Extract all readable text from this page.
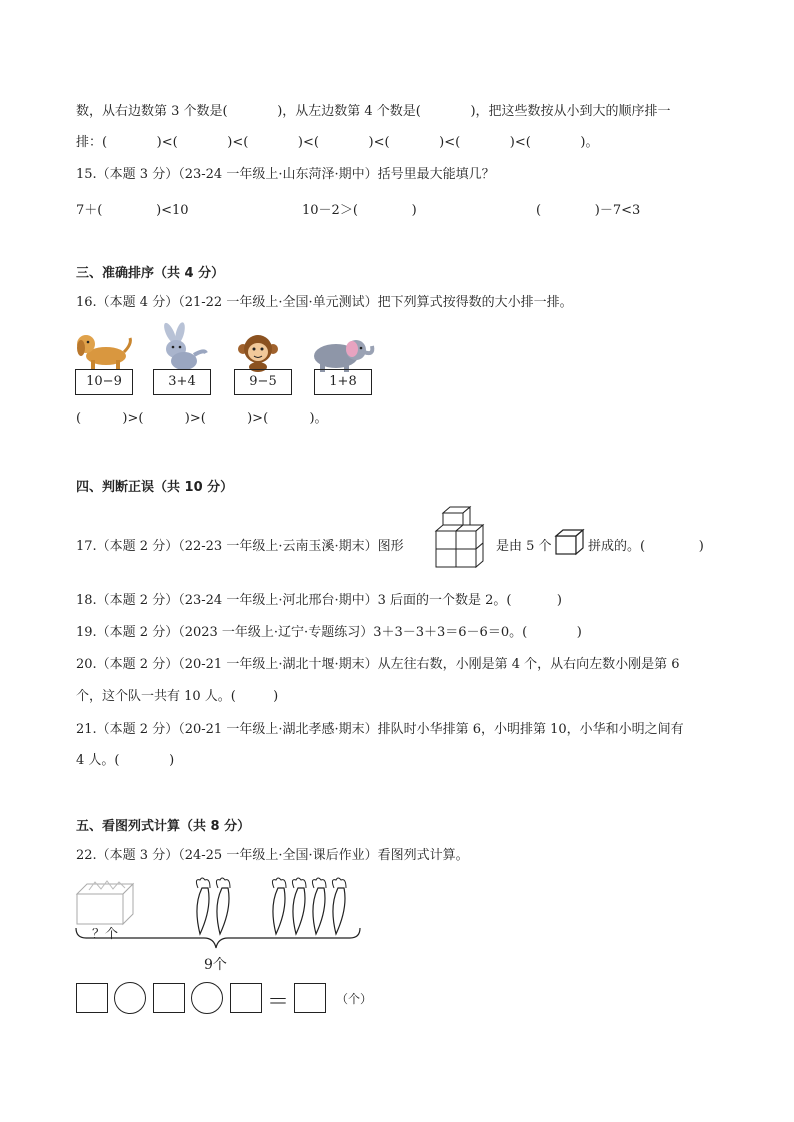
数，从右边数第 3 个数是(            )，从左边数第 4 个数是(            )，把这些数按从小到大的顺序排一
排：(            )<(            )<(            )<(            )<(            )<(            )<(            )。
15.（本题 3 分）（23-24 一年级上·山东菏泽·期中）括号里最大能填几？
7＋(             )<10	10－2＞(             )	(             )－7<3
三、准确排序（共 4 分）
16.（本题 4 分）（21-22 一年级上·全国·单元测试）把下列算式按得数的大小排一排。
10−9	3+4	9−5	1+8
(          )>(          )>(          )>(          )。
四、判断正误（共 10 分）
17.（本题 2 分）（22-23 一年级上·云南玉溪·期末）图形	是由 5 个	拼成的。(             )
18.（本题 2 分）（23-24 一年级上·河北邢台·期中）3 后面的一个数是 2。(           )
19.（本题 2 分）（2023 一年级上·辽宁·专题练习）3＋3－3＋3＝6－6＝0。(            )
20.（本题 2 分）（20-21 一年级上·湖北十堰·期末）从左往右数，小刚是第 4 个，从右向左数小刚是第 6
个，这个队一共有 10 人。(         )
21.（本题 2 分）（20-21 一年级上·湖北孝感·期末）排队时小华排第 6，小明排第 10，小华和小明之间有
4 人。(            )
五、看图列式计算（共 8 分）
22.（本题 3 分）（24-25 一年级上·全国·课后作业）看图列式计算。
？个
9个
＝	（个）
